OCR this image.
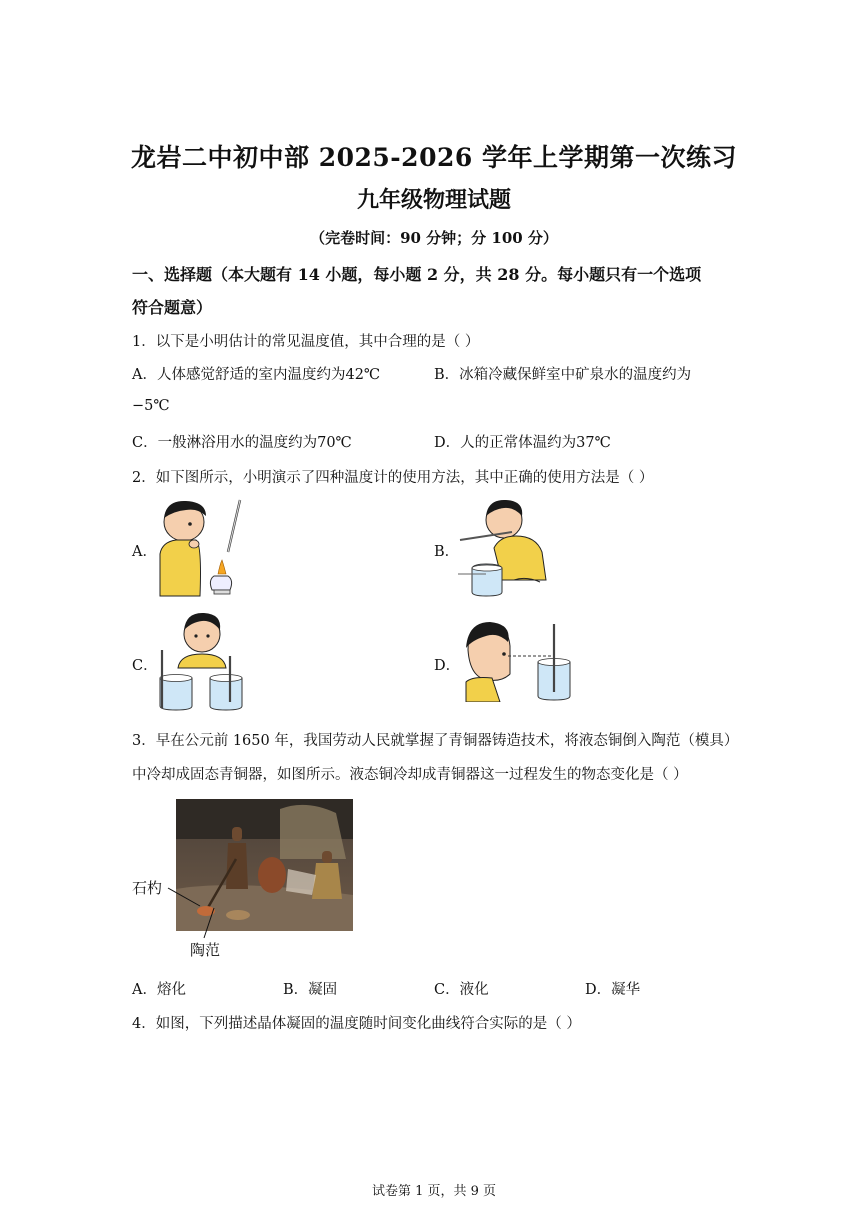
龙岩二中初中部 2025-2026 学年上学期第一次练习
九年级物理试题
（完卷时间：90 分钟；分 100 分）
一、选择题（本大题有 14 小题，每小题 2 分，共 28 分。每小题只有一个选项
符合题意）
1．以下是小明估计的常见温度值，其中合理的是（ ）
A．人体感觉舒适的室内温度约为42℃	B．冰箱冷藏保鲜室中矿泉水的温度约为
−5℃
C．一般淋浴用水的温度约为70℃	D．人的正常体温约为37℃
2．如下图所示，小明演示了四种温度计的使用方法，其中正确的使用方法是（ ）
A．	B．
C．	D．
3．早在公元前 1650 年，我国劳动人民就掌握了青铜器铸造技术，将液态铜倒入陶范（模具）
中冷却成固态青铜器，如图所示。液态铜冷却成青铜器这一过程发生的物态变化是（ ）
石杓
陶范
A．熔化	B．凝固	C．液化	D．凝华
4．如图，下列描述晶体凝固的温度随时间变化曲线符合实际的是（ ）
试卷第 1 页，共 9 页
